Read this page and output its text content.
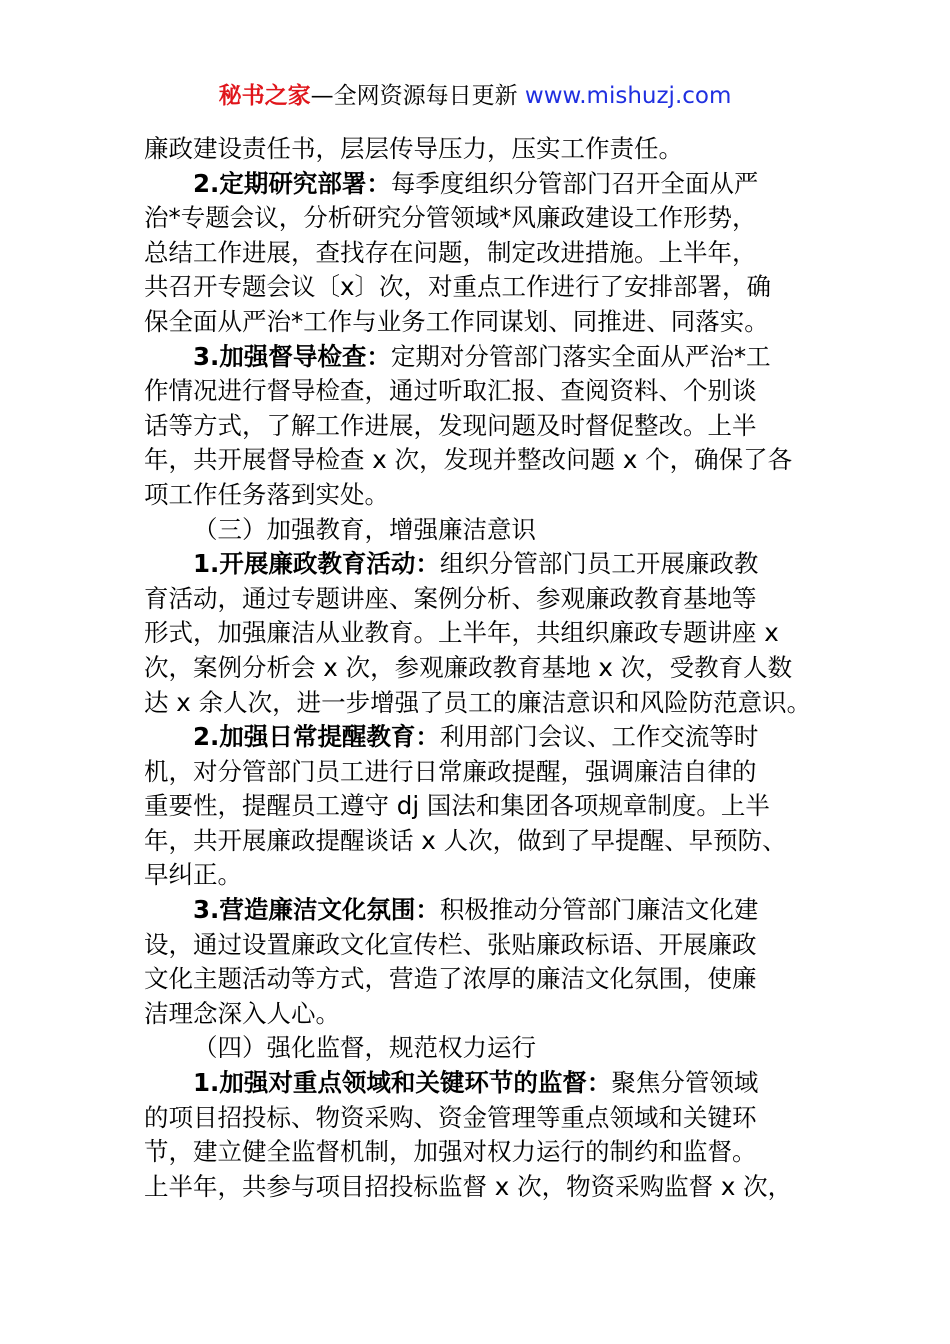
秘书之家—全网资源每日更新 www.mishuzj.com

廉政建设责任书，层层传导压力，压实工作责任。

2.定期研究部署：每季度组织分管部门召开全面从严

治*专题会议，分析研究分管领域*风廉政建设工作形势，

总结工作进展，查找存在问题，制定改进措施。上半年，

共召开专题会议〔x〕次，对重点工作进行了安排部署，确

保全面从严治*工作与业务工作同谋划、同推进、同落实。

3.加强督导检查：定期对分管部门落实全面从严治*工

作情况进行督导检查，通过听取汇报、查阅资料、个别谈

话等方式，了解工作进展，发现问题及时督促整改。上半

年，共开展督导检查 x 次，发现并整改问题 x 个，确保了各

项工作任务落到实处。

（三）加强教育，增强廉洁意识

1.开展廉政教育活动：组织分管部门员工开展廉政教

育活动，通过专题讲座、案例分析、参观廉政教育基地等

形式，加强廉洁从业教育。上半年，共组织廉政专题讲座 x

次，案例分析会 x 次，参观廉政教育基地 x 次，受教育人数

达 x 余人次，进一步增强了员工的廉洁意识和风险防范意识。

2.加强日常提醒教育：利用部门会议、工作交流等时

机，对分管部门员工进行日常廉政提醒，强调廉洁自律的

重要性，提醒员工遵守 dj 国法和集团各项规章制度。上半

年，共开展廉政提醒谈话 x 人次，做到了早提醒、早预防、

早纠正。

3.营造廉洁文化氛围：积极推动分管部门廉洁文化建

设，通过设置廉政文化宣传栏、张贴廉政标语、开展廉政

文化主题活动等方式，营造了浓厚的廉洁文化氛围，使廉

洁理念深入人心。

（四）强化监督，规范权力运行

1.加强对重点领域和关键环节的监督：聚焦分管领域

的项目招投标、物资采购、资金管理等重点领域和关键环

节，建立健全监督机制，加强对权力运行的制约和监督。

上半年，共参与项目招投标监督 x 次，物资采购监督 x 次，
